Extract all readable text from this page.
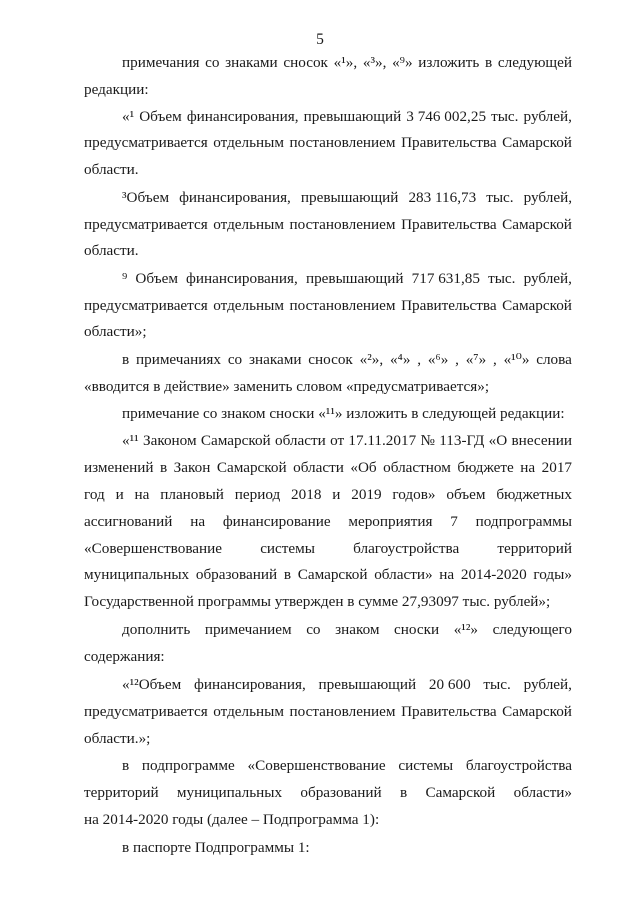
5
примечания со знаками сносок «¹», «³», «⁹» изложить в следующей
редакции:
«¹ Объем финансирования, превышающий 3 746 002,25 тыс. рублей,
предусматривается отдельным постановлением Правительства Самарской
области.
³Объем финансирования, превышающий 283 116,73 тыс. рублей,
предусматривается отдельным постановлением Правительства Самарской
области.
⁹ Объем финансирования, превышающий 717 631,85 тыс. рублей,
предусматривается отдельным постановлением Правительства Самарской
области»;
в примечаниях со знаками сносок «²», «⁴» , «⁶» , «⁷» , «¹⁰» слова
«вводится в действие» заменить словом «предусматривается»;
примечание со знаком сноски «¹¹» изложить в следующей редакции:
«¹¹ Законом Самарской области от 17.11.2017 № 113-ГД «О внесении
изменений в Закон Самарской области «Об областном бюджете на 2017
год и на плановый период 2018 и 2019 годов» объем бюджетных
ассигнований на финансирование мероприятия 7 подпрограммы
«Совершенствование	системы	благоустройства	территорий
муниципальных образований в Самарской области» на 2014-2020 годы»
Государственной программы утвержден в сумме 27,93097 тыс. рублей»;
дополнить примечанием со знаком сноски «¹²» следующего
содержания:
«¹²Объем финансирования, превышающий 20 600 тыс. рублей,
предусматривается отдельным постановлением Правительства Самарской
области.»;
в подпрограмме «Совершенствование системы благоустройства
территорий муниципальных образований в Самарской области»
на 2014-2020 годы (далее – Подпрограмма 1):
в паспорте Подпрограммы 1:
